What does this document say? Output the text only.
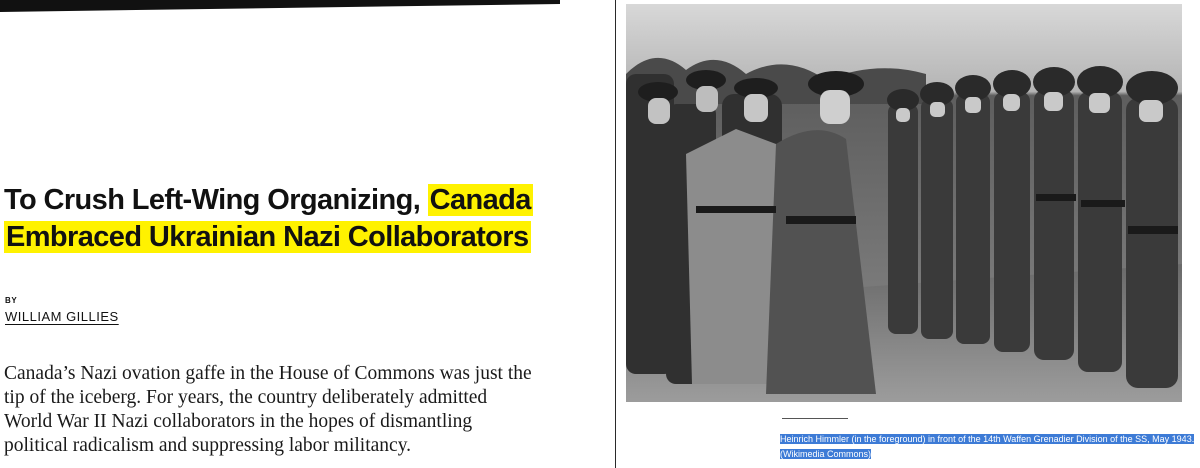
To Crush Left-Wing Organizing, Canada
Embraced Ukrainian Nazi Collaborators
BY
WILLIAM GILLIES

Canada’s Nazi ovation gaffe in the House of Commons was just the tip of the iceberg. For years, the country deliberately admitted World War II Nazi collaborators in the hopes of dismantling political radicalism and suppressing labor militancy.	Heinrich Himmler (in the foreground) in front of the 14th Waffen Grenadier Division of the SS, May 1943.
(Wikimedia Commons)
